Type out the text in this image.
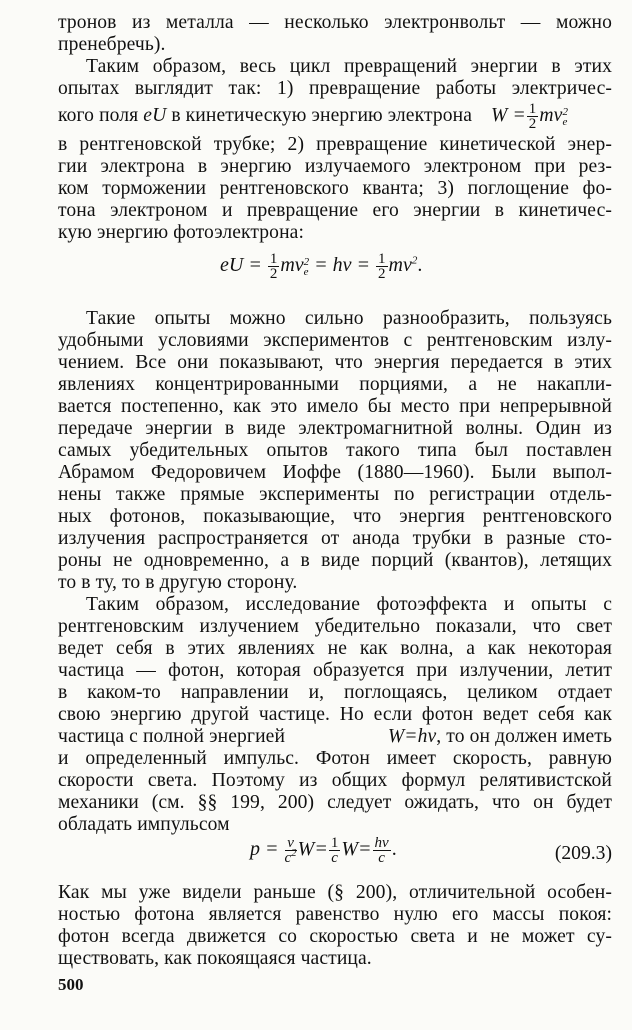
тронов из металла — несколько электронвольт — можно
пренебречь).
Таким образом, весь цикл превращений энергии в этих
опытах выглядит так: 1) превращение работы электричес-
кого поля eU в кинетическую энергию электрона $W = \frac{1}{2}$ mv 2
e
в рентгеновской трубке; 2) превращение кинетической энер-
гии электрона в энергию излучаемого электроном при рез-
ком торможении рентгеновского кванта; 3) поглощение фо-
тона электроном и превращение его энергии в кинетичес-
кую энергию фотоэлектрона:
eU = $\frac{1}{2}$ mv 2
$e = h\nu = \frac{1}{2} mv^2$.
Такие опыты можно сильно разнообразить, пользуясь
удобными условиями экспериментов с рентгеновским излу-
чением. Все они показывают, что энергия передается в этих
явлениях концентрированными порциями, а не накапли-
вается постепенно, как это имело бы место при непрерывной
передаче энергии в виде электромагнитной волны. Один из
самых убедительных опытов такого типа был поставлен
Абрамом Федоровичем Иоффе (1880—1960). Были выпол-
нены также прямые эксперименты по регистрации отдель-
ных фотонов, показывающие, что энергия рентгеновского
излучения распространяется от анода трубки в разные сто-
роны не одновременно, а в виде порций (квантов), летящих
то в ту, то в другую сторону.
Таким образом, исследование фотоэффекта и опыты с
рентгеновским излучением убедительно показали, что свет
ведет себя в этих явлениях не как волна, а как некоторая
частица — фотон, которая образуется при излучении, летит
в каком-то направлении и, поглощаясь, целиком отдает
свою энергию другой частице. Но если фотон ведет себя как
частица с полной энергией	W=hν, то он должен иметь
и определенный импульс. Фотон имеет скорость, равную
скорости света. Поэтому из общих формул релятивистской
механики (см. §§ 199, 200) следует ожидать, что он будет
обладать импульсом
$p = \frac{v}{c^2} W= \frac{1}{c} W= \frac{h\nu}{c}$ .	(209.3)
Как мы уже видели раньше (§ 200), отличительной особен-
ностью фотона является равенство нулю его массы покоя:
фотон всегда движется со скоростью света и не может су-
ществовать, как покоящаяся частица.
500
